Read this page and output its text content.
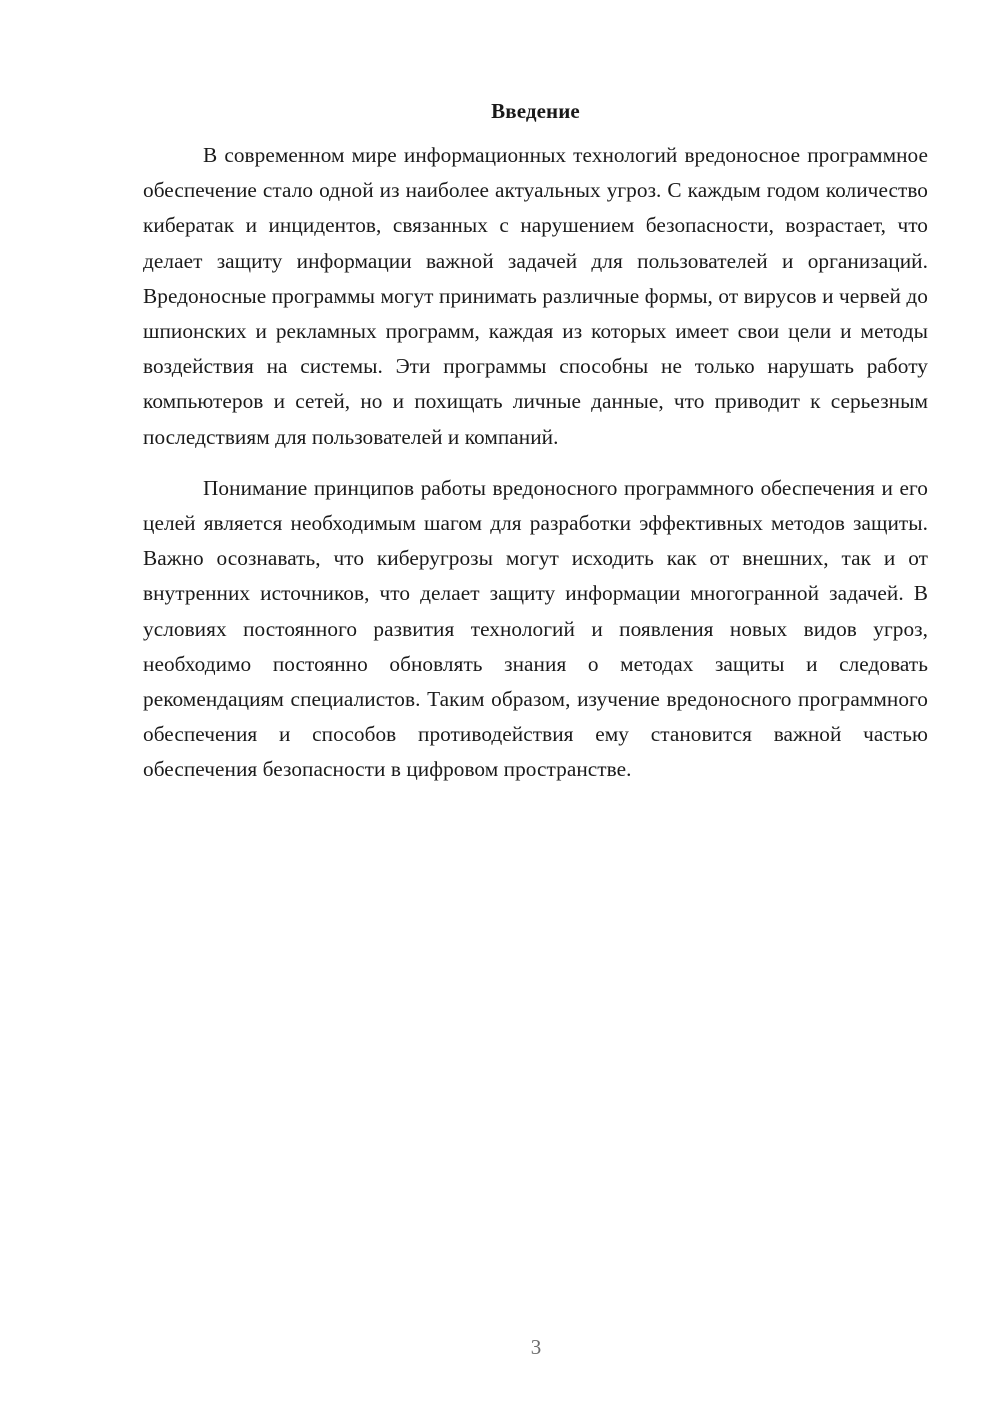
Введение

В современном мире информационных технологий вредоносное программное обеспечение стало одной из наиболее актуальных угроз. С каждым годом количество кибератак и инцидентов, связанных с нарушением безопасности, возрастает, что делает защиту информации важной задачей для пользователей и организаций. Вредоносные программы могут принимать различные формы, от вирусов и червей до шпионских и рекламных программ, каждая из которых имеет свои цели и методы воздействия на системы. Эти программы способны не только нарушать работу компьютеров и сетей, но и похищать личные данные, что приводит к серьезным последствиям для пользователей и компаний.

Понимание принципов работы вредоносного программного обеспечения и его целей является необходимым шагом для разработки эффективных методов защиты. Важно осознавать, что киберугрозы могут исходить как от внешних, так и от внутренних источников, что делает защиту информации многогранной задачей. В условиях постоянного развития технологий и появления новых видов угроз, необходимо постоянно обновлять знания о методах защиты и следовать рекомендациям специалистов. Таким образом, изучение вредоносного программного обеспечения и способов противодействия ему становится важной частью обеспечения безопасности в цифровом пространстве.

3
